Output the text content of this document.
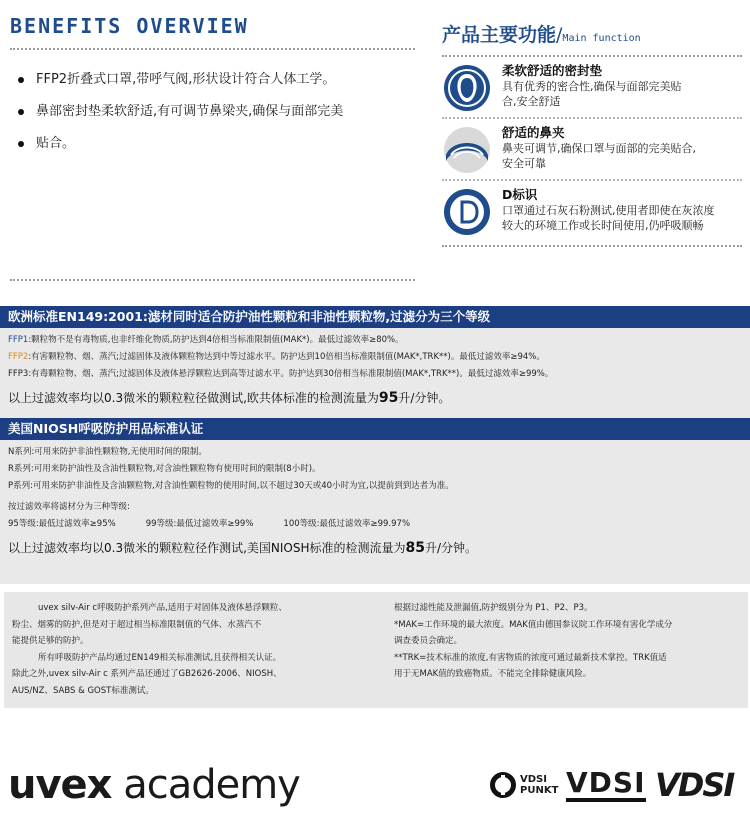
BENEFITS OVERVIEW
FFP2折叠式口罩,带呼气阀,形状设计符合人体工学。
鼻部密封垫柔软舒适,有可调节鼻梁夹,确保与面部完美
贴合。
产品主要功能/Main function
柔软舒适的密封垫

具有优秀的密合性,确保与面部完美贴

合,安全舒适

舒适的鼻夹

鼻夹可调节,确保口罩与面部的完美贴合,

安全可靠

D标识

口罩通过石灰石粉测试,使用者即使在灰浓度

较大的环境工作或长时间使用,仍呼吸顺畅

欧洲标准EN149:2001:滤材同时适合防护油性颗粒和非油性颗粒物,过滤分为三个等级
FFP1:颗粒物不是有毒物质,也非纤维化物质,防护达到4倍相当标准限制值(MAK*)。最低过滤效率≥80%。
FFP2:有害颗粒物、烟、蒸汽;过滤固体及液体颗粒物达到中等过滤水平。防护达到10倍相当标准限制值(MAK*,TRK**)。最低过滤效率≥94%。
FFP3:有毒颗粒物、烟、蒸汽;过滤固体及液体悬浮颗粒达到高等过滤水平。防护达到30倍相当标准限制值(MAK*,TRK**)。最低过滤效率≥99%。
以上过滤效率均以0.3微米的颗粒粒径做测试,欧共体标准的检测流量为95升/分钟。
美国NIOSH呼吸防护用品标准认证
N系列:可用来防护非油性颗粒物,无使用时间的限制。
R系列:可用来防护油性及含油性颗粒物,对含油性颗粒物有使用时间的限制(8小时)。
P系列:可用来防护非油性及含油颗粒物,对含油性颗粒物的使用时间,以不超过30天或40小时为宜,以提前到到达者为准。
按过滤效率将滤材分为三种等级:
95等级:最低过滤效率≥95%	99等级:最低过滤效率≥99%	100等级:最低过滤效率≥99.97%
以上过滤效率均以0.3微米的颗粒粒径作测试,美国NIOSH标准的检测流量为85升/分钟。
uvex silv-Air c呼吸防护系列产品,适用于对固体及液体悬浮颗粒、
粉尘、烟雾的防护,但是对于超过相当标准限制值的气体、水蒸汽不
能提供足够的防护。
所有呼吸防护产品均通过EN149相关标准测试,且获得相关认证。
除此之外,uvex silv-Air c 系列产品还通过了GB2626-2006、NIOSH、
AUS/NZ、SABS & GOST标准测试。
根据过滤性能及泄漏值,防护级别分为 P1、P2、P3。
*MAK=工作环境的最大浓度。MAK值由德国参议院工作环境有害化学成分
调查委员会确定。
**TRK=技术标准的浓度,有害物质的浓度可通过最新技术掌控。TRK值适
用于无MAK值的致癌物质。不能完全排除健康风险。
uvex academy	VDSI
PUNKT VDSI VDSI
